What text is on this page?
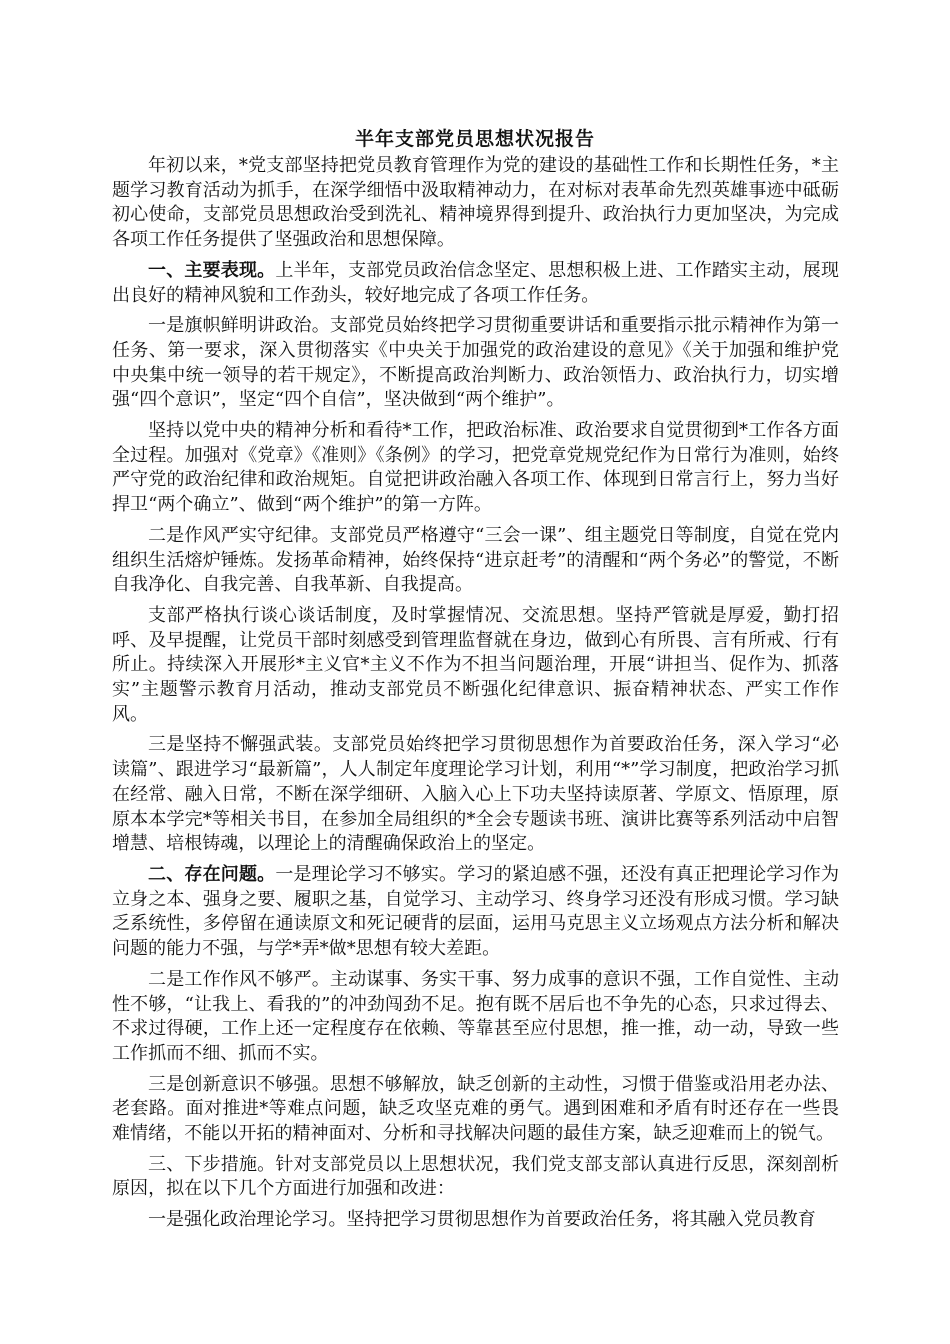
半年支部党员思想状况报告

年初以来，*党支部坚持把党员教育管理作为党的建设的基础性工作和长期性任务，*主题学习教育活动为抓手，在深学细悟中汲取精神动力，在对标对表革命先烈英雄事迹中砥砺初心使命，支部党员思想政治受到洗礼、精神境界得到提升、政治执行力更加坚决，为完成各项工作任务提供了坚强政治和思想保障。

一、主要表现。上半年，支部党员政治信念坚定、思想积极上进、工作踏实主动，展现出良好的精神风貌和工作劲头，较好地完成了各项工作任务。

一是旗帜鲜明讲政治。支部党员始终把学习贯彻重要讲话和重要指示批示精神作为第一任务、第一要求，深入贯彻落实《中央关于加强党的政治建设的意见》《关于加强和维护党中央集中统一领导的若干规定》，不断提高政治判断力、政治领悟力、政治执行力，切实增强“四个意识”，坚定“四个自信”，坚决做到“两个维护”。

坚持以党中央的精神分析和看待*工作，把政治标准、政治要求自觉贯彻到*工作各方面全过程。加强对《党章》《准则》《条例》的学习，把党章党规党纪作为日常行为准则，始终严守党的政治纪律和政治规矩。自觉把讲政治融入各项工作、体现到日常言行上，努力当好捍卫“两个确立”、做到“两个维护”的第一方阵。

二是作风严实守纪律。支部党员严格遵守“三会一课”、组主题党日等制度，自觉在党内组织生活熔炉锤炼。发扬革命精神，始终保持“进京赶考”的清醒和“两个务必”的警觉，不断自我净化、自我完善、自我革新、自我提高。

支部严格执行谈心谈话制度，及时掌握情况、交流思想。坚持严管就是厚爱，勤打招呼、及早提醒，让党员干部时刻感受到管理监督就在身边，做到心有所畏、言有所戒、行有所止。持续深入开展形*主义官*主义不作为不担当问题治理，开展“讲担当、促作为、抓落实”主题警示教育月活动，推动支部党员不断强化纪律意识、振奋精神状态、严实工作作风。

三是坚持不懈强武装。支部党员始终把学习贯彻思想作为首要政治任务，深入学习“必读篇”、跟进学习“最新篇”，人人制定年度理论学习计划，利用“*”学习制度，把政治学习抓在经常、融入日常，不断在深学细研、入脑入心上下功夫坚持读原著、学原文、悟原理，原原本本学完*等相关书目，在参加全局组织的*全会专题读书班、演讲比赛等系列活动中启智增慧、培根铸魂，以理论上的清醒确保政治上的坚定。

二、存在问题。一是理论学习不够实。学习的紧迫感不强，还没有真正把理论学习作为立身之本、强身之要、履职之基，自觉学习、主动学习、终身学习还没有形成习惯。学习缺乏系统性，多停留在通读原文和死记硬背的层面，运用马克思主义立场观点方法分析和解决问题的能力不强，与学*弄*做*思想有较大差距。

二是工作作风不够严。主动谋事、务实干事、努力成事的意识不强，工作自觉性、主动性不够，“让我上、看我的”的冲劲闯劲不足。抱有既不居后也不争先的心态，只求过得去、不求过得硬，工作上还一定程度存在依赖、等靠甚至应付思想，推一推，动一动，导致一些工作抓而不细、抓而不实。

三是创新意识不够强。思想不够解放，缺乏创新的主动性，习惯于借鉴或沿用老办法、老套路。面对推进*等难点问题，缺乏攻坚克难的勇气。遇到困难和矛盾有时还存在一些畏难情绪，不能以开拓的精神面对、分析和寻找解决问题的最佳方案，缺乏迎难而上的锐气。

三、下步措施。针对支部党员以上思想状况，我们党支部支部认真进行反思，深刻剖析原因，拟在以下几个方面进行加强和改进：

一是强化政治理论学习。坚持把学习贯彻思想作为首要政治任务，将其融入党员教育
